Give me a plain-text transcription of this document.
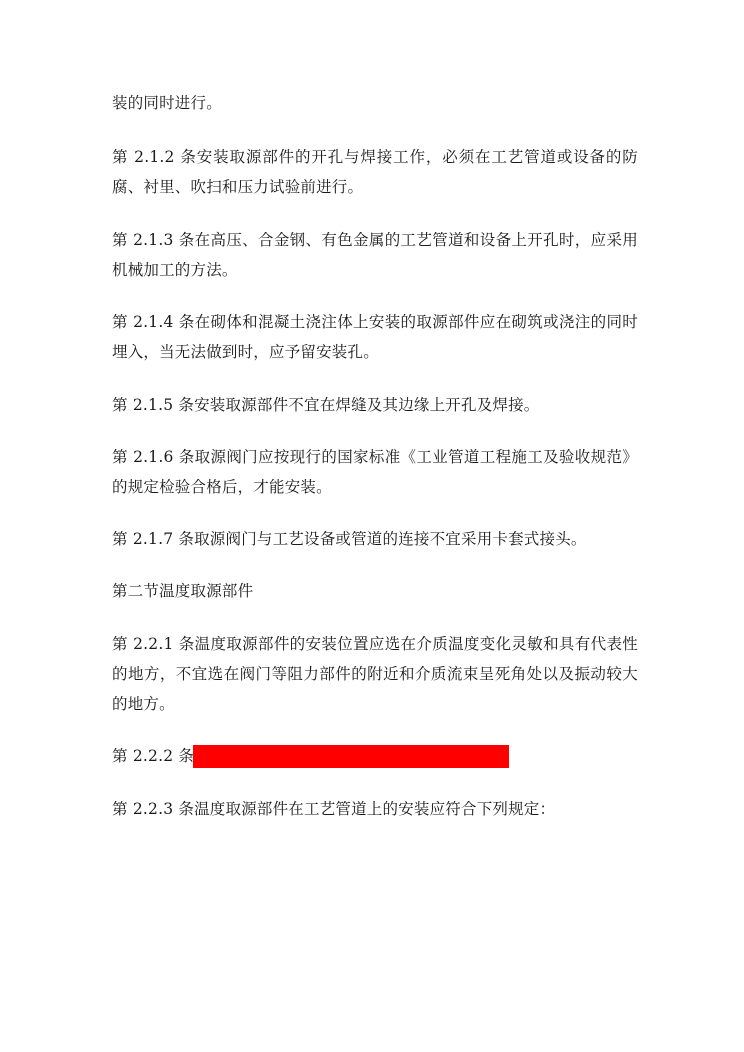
装的同时进行。

第 2.1.2 条安装取源部件的开孔与焊接工作，必须在工艺管道或设备的防腐、衬里、吹扫和压力试验前进行。

第 2.1.3 条在高压、合金钢、有色金属的工艺管道和设备上开孔时，应采用机械加工的方法。

第 2.1.4 条在砌体和混凝土浇注体上安装的取源部件应在砌筑或浇注的同时埋入，当无法做到时，应予留安装孔。

第 2.1.5 条安装取源部件不宜在焊缝及其边缘上开孔及焊接。

第 2.1.6 条取源阀门应按现行的国家标准《工业管道工程施工及验收规范》的规定检验合格后，才能安装。

第 2.1.7 条取源阀门与工艺设备或管道的连接不宜采用卡套式接头。

第二节温度取源部件

第 2.2.1 条温度取源部件的安装位置应选在介质温度变化灵敏和具有代表性的地方，不宜选在阀门等阻力部件的附近和介质流束呈死角处以及振动较大的地方。

第 2.2.2 条热电偶取源部件的安装位置，宜远离强磁场。

第 2.2.3 条温度取源部件在工艺管道上的安装应符合下列规定：
